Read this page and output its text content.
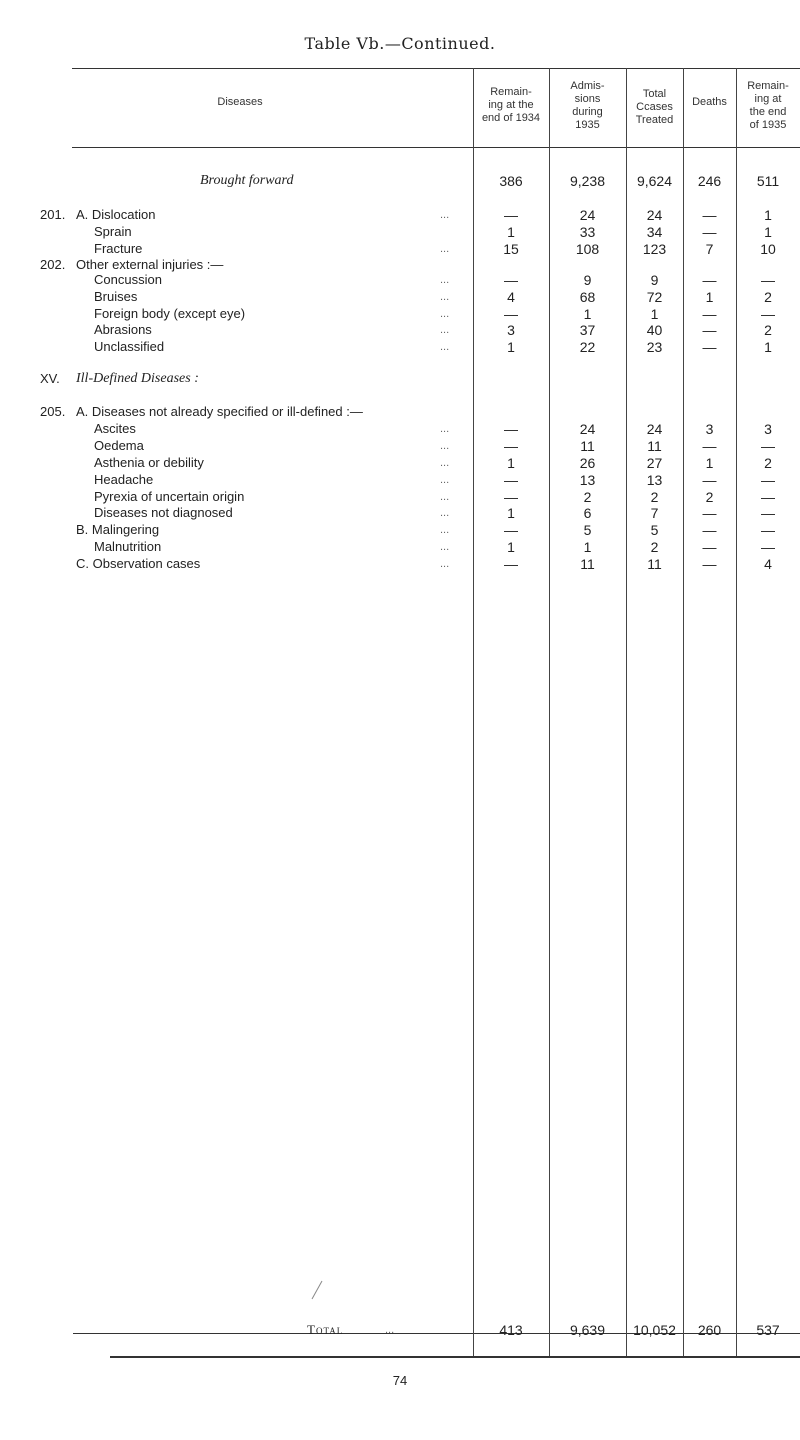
Table Vb.—Continued.
Diseases
Remain-
ing at the
end of 1934
Admis-
sions
during
1935
Total
Ccases
Treated
Deaths
Remain-
ing at
the end
of 1935
Brought forward	386	9,238	9,624	246	511
201. A. Dislocation	...	—	24	24	—	1
Sprain	1	33	34	—	1
Fracture	...	15	108	123	7	10
202. Other external injuries :—
Concussion	...	—	9	9	—	—
Bruises	...	4	68	72	1	2
Foreign body (except eye)	...	—	1	1	—	—
Abrasions	...	3	37	40	—	2
Unclassified	...	1	22	23	—	1
XV. Ill-Defined Diseases :
205. A. Diseases not already specified or ill-defined :—
Ascites	...	—	24	24	3	3
Oedema	...	—	11	11	—	—
Asthenia or debility	...	1	26	27	1	2
Headache	...	—	13	13	—	—
Pyrexia of uncertain origin	...	—	2	2	2	—
Diseases not diagnosed	...	1	6	7	—	—
B. Malingering	...	—	5	5	—	—
Malnutrition	...	1	1	2	—	—
C. Observation cases	...	—	11	11	—	4
Total	...	413	9,639	10,052	260	537
74
